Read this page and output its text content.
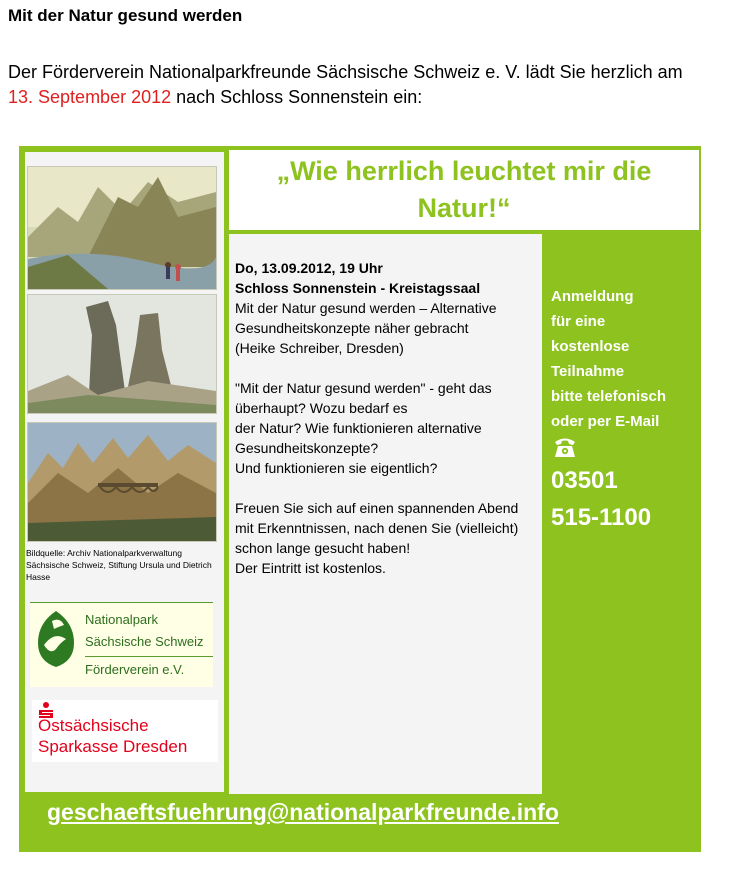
Mit der Natur gesund werden
Der Förderverein Nationalparkfreunde Sächsische Schweiz e. V. lädt Sie herzlich am 13. September 2012 nach Schloss Sonnenstein ein:
Bildquelle: Archiv Nationalparkverwaltung Sächsische Schweiz, Stiftung Ursula und Dietrich Hasse
Nationalpark
Sächsische Schweiz
Förderverein e.V.
Ostsächsische
Sparkasse Dresden
„Wie herrlich leuchtet mir die Natur!“
Do, 13.09.2012, 19 Uhr
Schloss Sonnenstein - Kreistagssaal
Mit der Natur gesund werden – Alternative Gesundheitskonzepte näher gebracht
(Heike Schreiber, Dresden)
"Mit der Natur gesund werden" - geht das überhaupt? Wozu bedarf es
der Natur? Wie funktionieren alternative Gesundheitskonzepte?
Und funktionieren sie eigentlich?
Freuen Sie sich auf einen spannenden Abend mit Erkenntnissen, nach denen Sie (vielleicht) schon lange gesucht haben!
Der Eintritt ist kostenlos.
Anmeldung
für eine
kostenlose
Teilnahme
bitte telefonisch
oder per E-Mail
03501
515-1100
geschaeftsfuehrung@nationalparkfreunde.info
